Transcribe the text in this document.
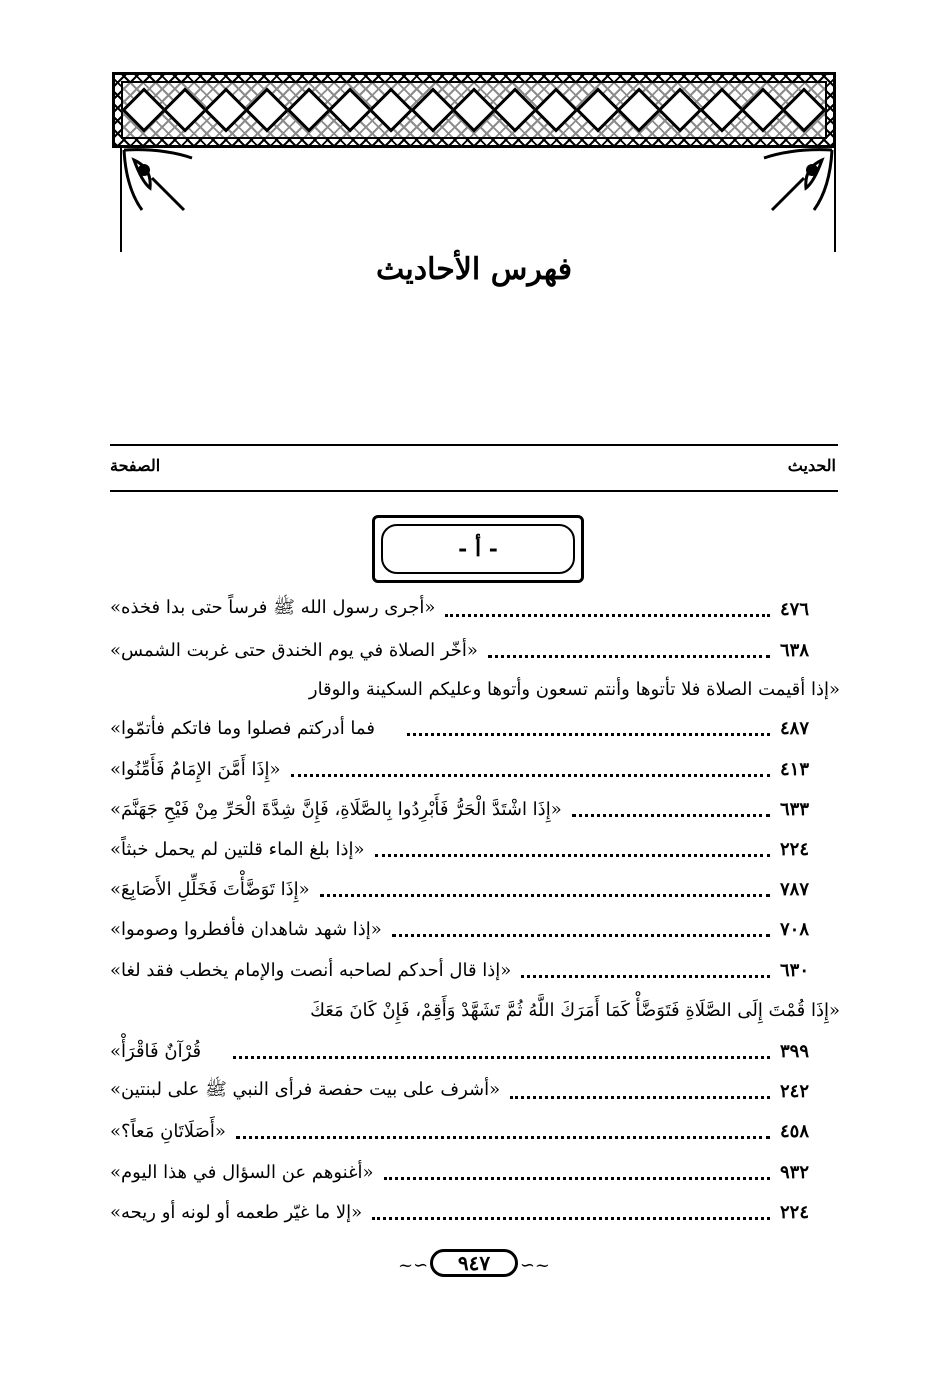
فهرس الأحاديث
الحديث
الصفحة
- أ -
«أجرى رسول الله ﷺ فرساً حتى بدا فخذه»	٤٧٦
«أخّر الصلاة في يوم الخندق حتى غربت الشمس»	٦٣٨
«إذا أقيمت الصلاة فلا تأتوها وأنتم تسعون وأتوها وعليكم السكينة والوقار
فما أدركتم فصلوا وما فاتكم فأتمّوا»	٤٨٧
«إِذَا أَمَّنَ الإِمَامُ فَأَمِّنُوا»	٤١٣
«إِذَا اشْتَدَّ الْحَرُّ فَأَبْرِدُوا بِالصَّلَاةِ، فَإِنَّ شِدَّةَ الْحَرِّ مِنْ فَيْحِ جَهَنَّمَ»	٦٣٣
«إذا بلغ الماء قلتين لم يحمل خبثاً»	٢٢٤
«إِذَا تَوَضَّأْتَ فَخَلِّلِ الأَصَابِعَ»	٧٨٧
«إذا شهد شاهدان فأفطروا وصوموا»	٧٠٨
«إذا قال أحدكم لصاحبه أنصت والإمام يخطب فقد لغا»	٦٣٠
«إِذَا قُمْتَ إِلَى الصَّلَاةِ فَتَوَضَّأْ كَمَا أَمَرَكَ اللَّهُ ثُمَّ تَشَهَّدْ وَأَقِمْ، فَإِنْ كَانَ مَعَكَ
قُرْآنٌ فَاقْرَأْ»	٣٩٩
«أشرف على بيت حفصة فرأى النبي ﷺ على لبنتين»	٢٤٢
«أَصَلَاتَانِ مَعاً؟»	٤٥٨
«أغنوهم عن السؤال في هذا اليوم»	٩٣٢
«إلا ما غيّر طعمه أو لونه أو ريحه»	٢٢٤
~∽	٩٤٧	∽~
